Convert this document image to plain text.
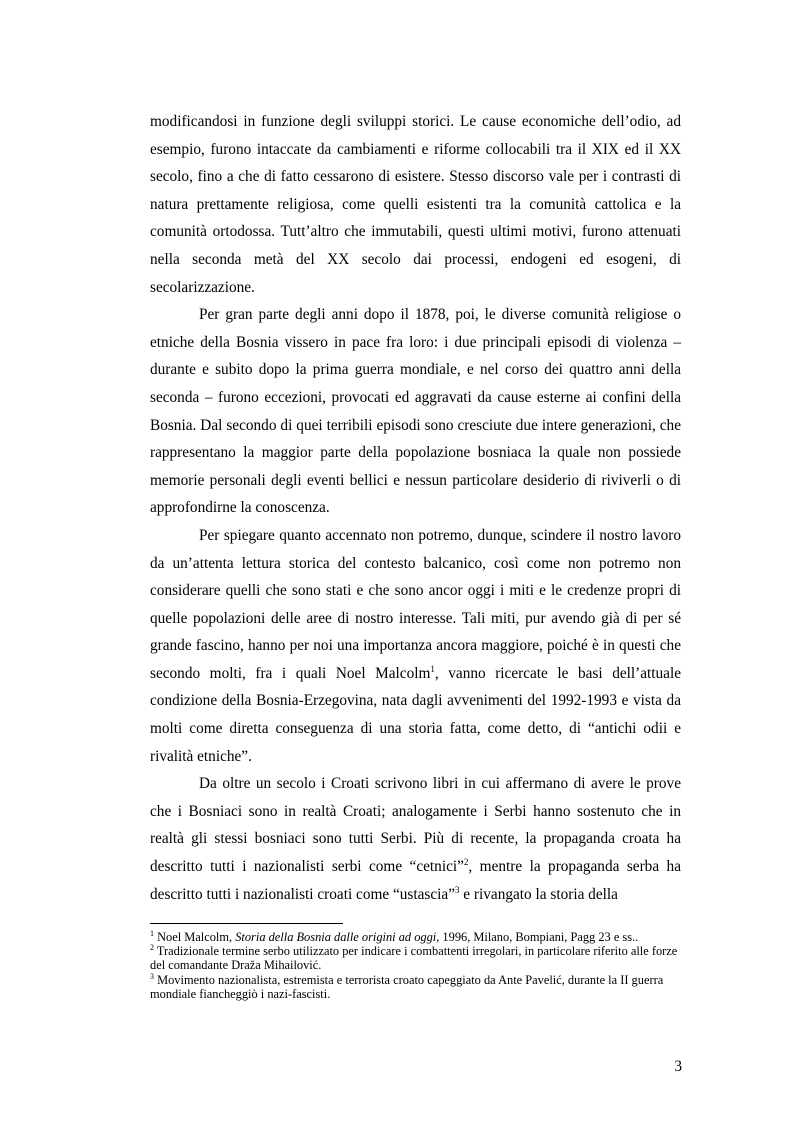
modificandosi in funzione degli sviluppi storici. Le cause economiche dell’odio, ad esempio, furono intaccate da cambiamenti e riforme collocabili tra il XIX ed il XX secolo, fino a che di fatto cessarono di esistere. Stesso discorso vale per i contrasti di natura prettamente religiosa, come quelli esistenti tra la comunità cattolica e la comunità ortodossa. Tutt’altro che immutabili, questi ultimi motivi, furono attenuati nella seconda metà del XX secolo dai processi, endogeni ed esogeni, di secolarizzazione.

Per gran parte degli anni dopo il 1878, poi, le diverse comunità religiose o etniche della Bosnia vissero in pace fra loro: i due principali episodi di violenza – durante e subito dopo la prima guerra mondiale, e nel corso dei quattro anni della seconda – furono eccezioni, provocati ed aggravati da cause esterne ai confini della Bosnia. Dal secondo di quei terribili episodi sono cresciute due intere generazioni, che rappresentano la maggior parte della popolazione bosniaca la quale non possiede memorie personali degli eventi bellici e nessun particolare desiderio di riviverli o di approfondirne la conoscenza.

Per spiegare quanto accennato non potremo, dunque, scindere il nostro lavoro da un’attenta lettura storica del contesto balcanico, così come non potremo non considerare quelli che sono stati e che sono ancor oggi i miti e le credenze propri di quelle popolazioni delle aree di nostro interesse. Tali miti, pur avendo già di per sé grande fascino, hanno per noi una importanza ancora maggiore, poiché è in questi che secondo molti, fra i quali Noel Malcolm$^1$, vanno ricercate le basi dell’attuale condizione della Bosnia-Erzegovina, nata dagli avvenimenti del 1992-1993 e vista da molti come diretta conseguenza di una storia fatta, come detto, di “antichi odii e rivalità etniche”.

Da oltre un secolo i Croati scrivono libri in cui affermano di avere le prove che i Bosniaci sono in realtà Croati; analogamente i Serbi hanno sostenuto che in realtà gli stessi bosniaci sono tutti Serbi. Più di recente, la propaganda croata ha descritto tutti i nazionalisti serbi come “cetnici”$^2$, mentre la propaganda serba ha descritto tutti i nazionalisti croati come “ustascia”$^3$ e rivangato la storia della

$^1$ Noel Malcolm, Storia della Bosnia dalle origini ad oggi, 1996, Milano, Bompiani, Pagg 23 e ss..

$^2$ Tradizionale termine serbo utilizzato per indicare i combattenti irregolari, in particolare riferito alle forze del comandante Draža Mihailović.

$^3$ Movimento nazionalista, estremista e terrorista croato capeggiato da Ante Pavelić, durante la II guerra mondiale fiancheggiò i nazi-fascisti.

3
